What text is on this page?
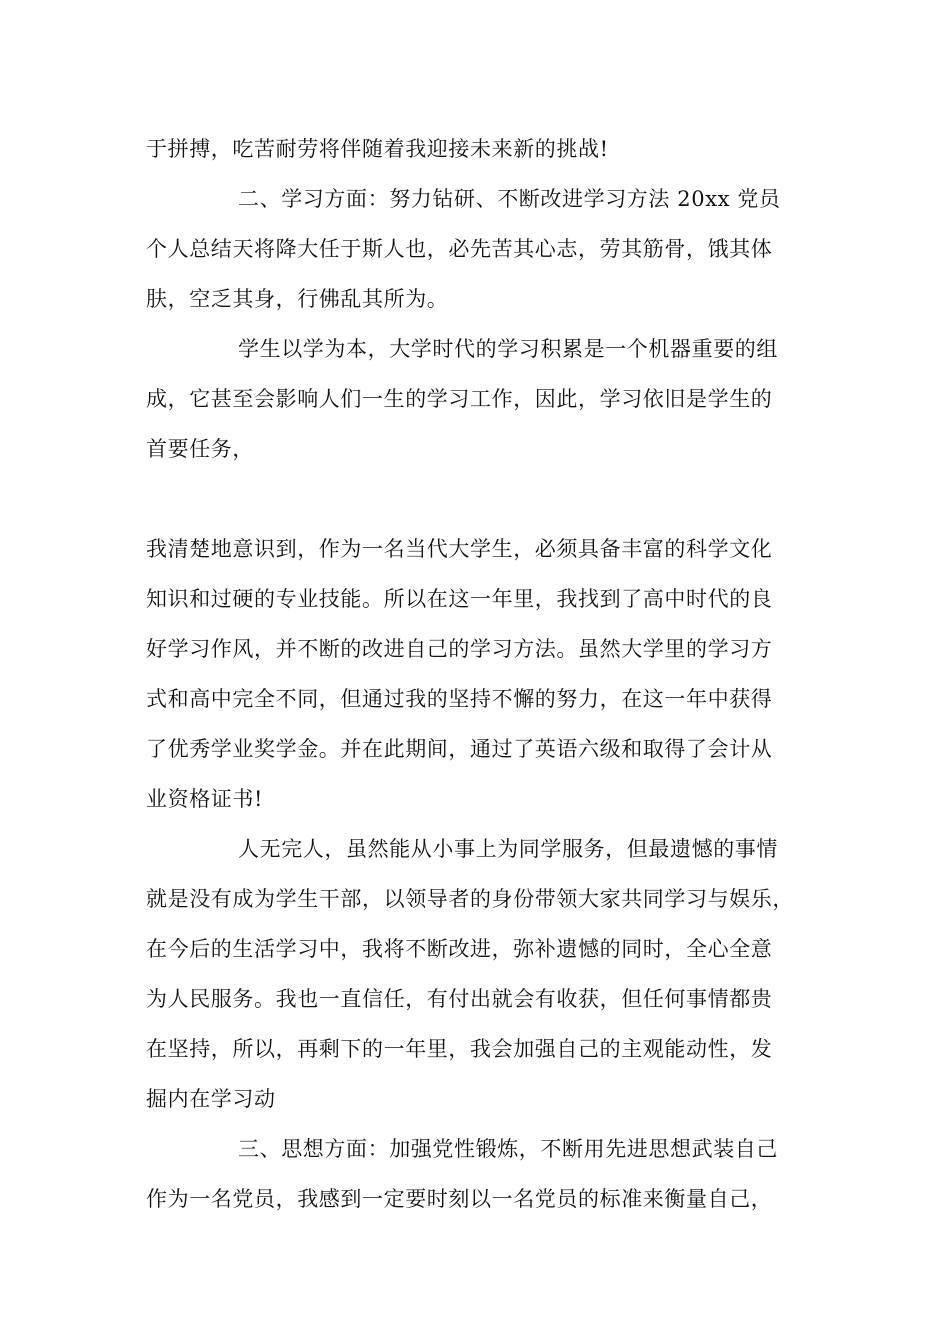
于拼搏，吃苦耐劳将伴随着我迎接未来新的挑战!
二、学习方面：努力钻研、不断改进学习方法 20xx 党员
个人总结天将降大任于斯人也，必先苦其心志，劳其筋骨，饿其体
肤，空乏其身，行佛乱其所为。
学生以学为本，大学时代的学习积累是一个机器重要的组
成，它甚至会影响人们一生的学习工作，因此，学习依旧是学生的
首要任务，
我清楚地意识到，作为一名当代大学生，必须具备丰富的科学文化
知识和过硬的专业技能。所以在这一年里，我找到了高中时代的良
好学习作风，并不断的改进自己的学习方法。虽然大学里的学习方
式和高中完全不同，但通过我的坚持不懈的努力，在这一年中获得
了优秀学业奖学金。并在此期间，通过了英语六级和取得了会计从
业资格证书!
人无完人，虽然能从小事上为同学服务，但最遗憾的事情
就是没有成为学生干部，以领导者的身份带领大家共同学习与娱乐，
在今后的生活学习中，我将不断改进，弥补遗憾的同时，全心全意
为人民服务。我也一直信任，有付出就会有收获，但任何事情都贵
在坚持，所以，再剩下的一年里，我会加强自己的主观能动性，发
掘内在学习动
三、思想方面：加强党性锻炼，不断用先进思想武装自己
作为一名党员，我感到一定要时刻以一名党员的标准来衡量自己，
